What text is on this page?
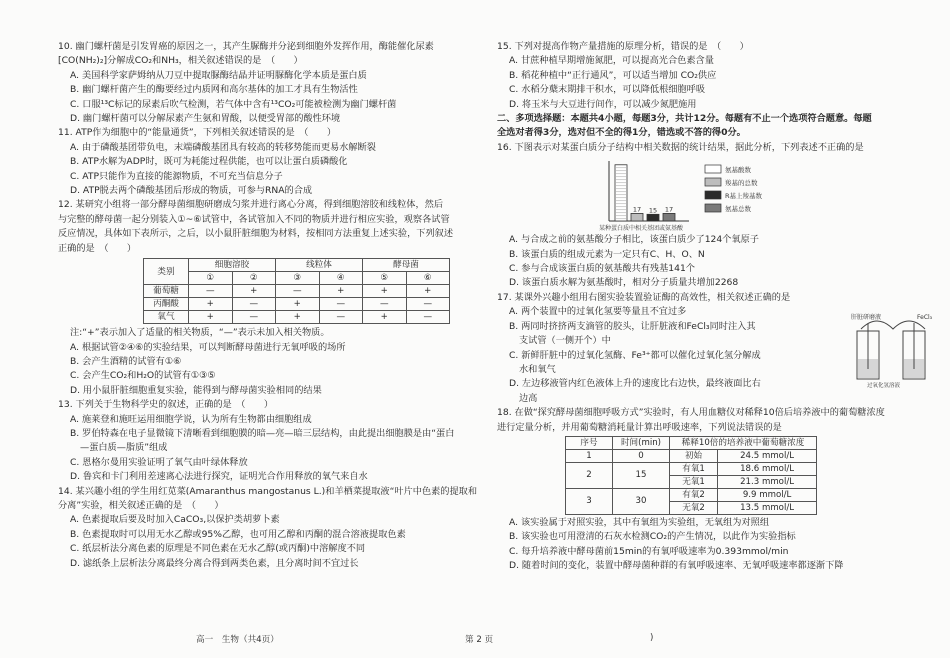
10. 幽门螺杆菌是引发胃癌的原因之一，其产生脲酶并分泌到细胞外发挥作用，酶能催化尿素

[CO(NH₂)₂]分解成CO₂和NH₃，相关叙述错误的是　（　　）

A. 美国科学家萨姆纳从刀豆中提取脲酶结晶并证明脲酶化学本质是蛋白质

B. 幽门螺杆菌产生的酶要经过内质网和高尔基体的加工才具有生物活性

C. 口服¹³C标记的尿素后吹气检测，若气体中含有¹³CO₂可能被检测为幽门螺杆菌

D. 幽门螺杆菌可以分解尿素产生氨和胃酸，以便受胃部的酸性环境

11. ATP作为细胞中的“能量通货”，下列相关叙述错误的是　（　　）

A. 由于磷酸基团带负电，末端磷酸基团具有较高的转移势能而更易水解断裂

B. ATP水解为ADP时，既可为耗能过程供能，也可以让蛋白质磷酸化

C. ATP只能作为直接的能源物质，不可充当信息分子

D. ATP脱去两个磷酸基团后形成的物质，可参与RNA的合成

12. 某研究小组将一部分酵母菌细胞研磨成匀浆并进行离心分离，得到细胞溶胶和线粒体，然后

与完整的酵母菌一起分别装入①~⑥试管中，各试管加入不同的物质并进行相应实验，观察各试管

反应情况，具体如下表所示，之后，以小鼠肝脏细胞为材料，按相同方法重复上述实验，下列叙述

正确的是　（　　）

类别	细胞溶胶		线粒体		酵母菌	
	①	②	③	④	⑤	⑥
葡萄糖	—	+	—	+	+	+
丙酮酸	+	—	+	—	—	—
氧气	+	—	+	—	+	—

注:“+”表示加入了适量的相关物质，“—”表示未加入相关物质。

A. 根据试管②④⑥的实验结果，可以判断酵母菌进行无氧呼吸的场所

B. 会产生酒精的试管有①⑥

C. 会产生CO₂和H₂O的试管有①③⑤

D. 用小鼠肝脏细胞重复实验，能得到与酵母菌实验相同的结果

13. 下列关于生物科学史的叙述，正确的是　（　　）

A. 施莱登和施旺运用细胞学说，认为所有生物都由细胞组成

B. 罗伯特森在电子显微镜下清晰看到细胞膜的暗—亮—暗三层结构，由此提出细胞膜是由“蛋白

—蛋白质—脂质”组成

C. 恩格尔曼用实验证明了氧气由叶绿体释放

D. 鲁宾和卡门利用差速离心法进行探究，证明光合作用释放的氧气来自水

14. 某兴趣小组的学生用红苋菜(Amaranthus mangostanus L.)和羊栖菜提取液“叶片中色素的提取和

分离”实验，相关叙述正确的是　（　　）

A. 色素提取后要及时加入CaCO₃,以保护类胡萝卜素

B. 色素提取时可以用无水乙醇或95%乙醇，也可用乙醇和丙酮的混合溶液提取色素

C. 纸层析法分离色素的原理是不同色素在无水乙醇(或丙酮)中溶解度不同

D. 滤纸条上层析法分离最终分离合得到两类色素，且分离时间不宜过长

15. 下列对提高作物产量措施的原理分析，错误的是　（　　）

A. 甘蔗种植早期增施氮肥，可以提高光合色素含量

B. 稻花种植中“正行通风”，可以适当增加 CO₂供应

C. 水稻分蘖末期排干积水，可以降低根细胞呼吸

D. 将玉米与大豆进行间作，可以减少氮肥施用

二、多项选择题：本题共4小题，每题3分，共计12分。每题有不止一个选项符合题意。每题

全选对者得3分，选对但不全的得1分，错选或不答的得0分。

16. 下图表示对某蛋白质分子结构中相关数据的统计结果，据此分析，下列表述不正确的是

氨基酸数
17
羧基的总数
15
R基上羧基数
17	氨基总数
某种蛋白质中相关基团或氨基酸

A. 与合成之前的氨基酸分子相比，该蛋白质少了124个氧原子

B. 该蛋白质的组成元素为一定只有C、H、O、N

C. 参与合成该蛋白质的氨基酸共有残基141个

D. 该蛋白质水解为氨基酸时，相对分子质量共增加2268

17. 某课外兴趣小组用右图实验装置验证酶的高效性，相关叙述正确的是

A. 两个装置中的过氧化氢要等量且不宜过多

B. 两同时挤挤两支滴管的胶头，让肝脏液和FeCl₃同时注入其

支试管（一侧开个）中

C. 新鲜肝脏中的过氧化氢酶、Fe³⁺都可以催化过氧化氢分解成

水和氧气

D. 左边移液管内红色液体上升的速度比右边快，最终液面比右

边高

肝脏研磨液	FeCl₃
过氧化氢溶液

18. 在做“探究酵母菌细胞呼吸方式”实验时，有人用血糖仪对稀释10倍后培养液中的葡萄糖浓度

进行定量分析，并用葡萄糖消耗量计算出呼吸速率，下列说法错误的是

序号	时间(min)	稀释10倍的培养液中葡萄糖浓度	
1	0	初始	24.5 mmol/L
2	15	有氧1	18.6 mmol/L
		无氧1	21.3 mmol/L
3	30	有氧2	9.9 mmol/L
		无氧2	13.5 mmol/L

A. 该实验属于对照实验，其中有氧组为实验组，无氧组为对照组

B. 该实验也可用澄清的石灰水检测CO₂的产生情况，以此作为实验指标

C. 每升培养液中酵母菌前15min的有氧呼吸速率为0.393mmol/min

D. 随着时间的变化，装置中酵母菌种群的有氧呼吸速率、无氧呼吸速率都逐渐下降

高一　生物（共4页）	第 2 页	)
